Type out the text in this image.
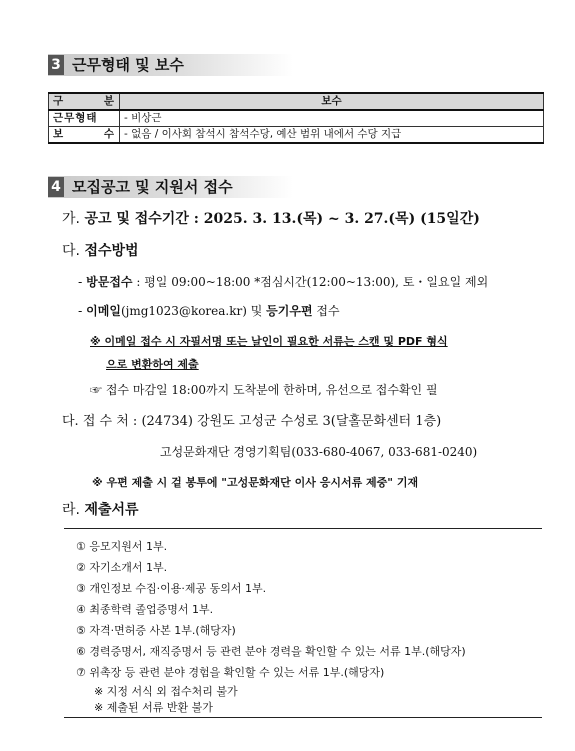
3 근무형태 및 보수
구 분	보수
근무형태	- 비상근
보 수	- 없음 / 이사회 참석시 참석수당, 예산 범위 내에서 수당 지급
4 모집공고 및 지원서 접수
가. 공고 및 접수기간 : 2025. 3. 13.(목) ~ 3. 27.(목) (15일간)
다. 접수방법
- 방문접수 : 평일 09:00~18:00 *점심시간(12:00~13:00), 토・일요일 제외
- 이메일(jmg1023@korea.kr) 및 등기우편 접수
※ 이메일 접수 시 자필서명 또는 날인이 필요한 서류는 스캔 및 PDF 형식
으로 변환하여 제출
☞ 접수 마감일 18:00까지 도착분에 한하며, 유선으로 접수확인 필
다. 접 수 처 : (24734) 강원도 고성군 수성로 3(달홀문화센터 1층)
고성문화재단 경영기획팀(033-680-4067, 033-681-0240)
※ 우편 제출 시 겉 봉투에 "고성문화재단 이사 응시서류 제중" 기재
라. 제출서류
① 응모지원서 1부.
② 자기소개서 1부.
③ 개인정보 수집·이용·제공 동의서 1부.
④ 최종학력 졸업증명서 1부.
⑤ 자격·면허증 사본 1부.(해당자)
⑥ 경력증명서, 재직증명서 등 관련 분야 경력을 확인할 수 있는 서류 1부.(해당자)
⑦ 위촉장 등 관련 분야 경험을 확인할 수 있는 서류 1부.(해당자)
※ 지정 서식 외 접수처리 불가
※ 제출된 서류 반환 불가
